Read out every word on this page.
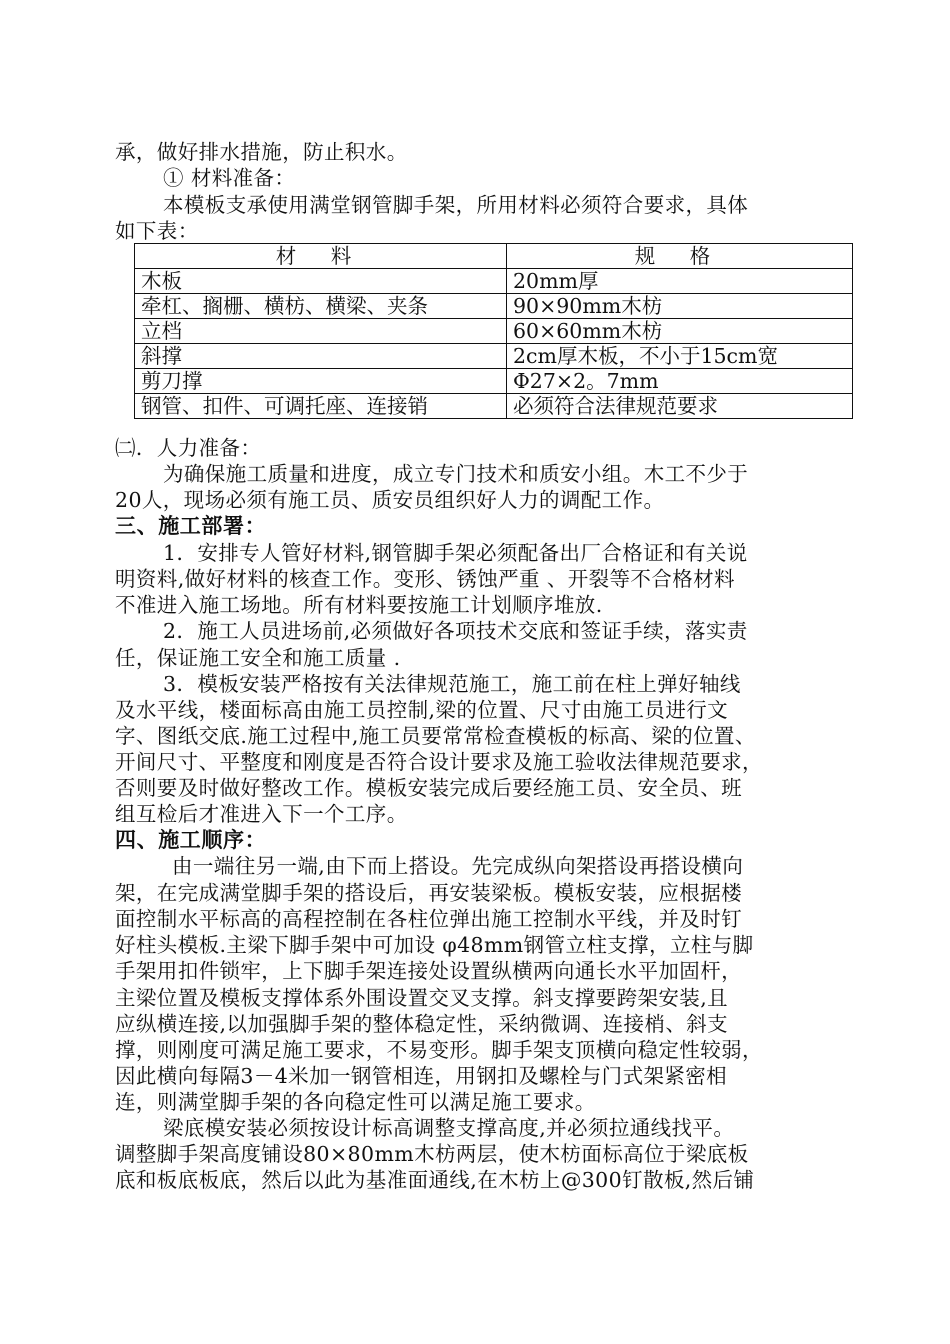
承，做好排水措施，防止积水。
① 材料准备：
本模板支承使用满堂钢管脚手架，所用材料必须符合要求，具体
如下表：
材 料	规 格
木板	20mm厚
牵杠、搁栅、横枋、横梁、夹条	90×90mm木枋
立档	60×60mm木枋
斜撑	2cm厚木板，不小于15cm宽
剪刀撑	Φ27×2。7mm
钢管、扣件、可调托座、连接销	必须符合法律规范要求
㈡．人力准备：
为确保施工质量和进度，成立专门技术和质安小组。木工不少于
20人，现场必须有施工员、质安员组织好人力的调配工作。
三、施工部署：
1．安排专人管好材料,钢管脚手架必须配备出厂合格证和有关说
明资料,做好材料的核查工作。变形、锈蚀严重 、开裂等不合格材料
不准进入施工场地。所有材料要按施工计划顺序堆放.
2．施工人员进场前,必须做好各项技术交底和签证手续，落实责
任，保证施工安全和施工质量 .
3．模板安装严格按有关法律规范施工，施工前在柱上弹好轴线
及水平线，楼面标高由施工员控制,梁的位置、尺寸由施工员进行文
字、图纸交底.施工过程中,施工员要常常检查模板的标高、梁的位置、
开间尺寸、平整度和刚度是否符合设计要求及施工验收法律规范要求，
否则要及时做好整改工作。模板安装完成后要经施工员、安全员、班
组互检后才准进入下一个工序。
四、施工顺序：
由一端往另一端,由下而上搭设。先完成纵向架搭设再搭设横向
架，在完成满堂脚手架的搭设后，再安装梁板。模板安装，应根据楼
面控制水平标高的高程控制在各柱位弹出施工控制水平线，并及时钉
好柱头模板.主梁下脚手架中可加设 φ48mm钢管立柱支撑，立柱与脚
手架用扣件锁牢，上下脚手架连接处设置纵横两向通长水平加固杆，
主梁位置及模板支撑体系外围设置交叉支撑。斜支撑要跨架安装,且
应纵横连接,以加强脚手架的整体稳定性，采纳微调、连接梢、斜支
撑，则刚度可满足施工要求，不易变形。脚手架支顶横向稳定性较弱，
因此横向每隔3－4米加一钢管相连，用钢扣及螺栓与门式架紧密相
连，则满堂脚手架的各向稳定性可以满足施工要求。
梁底模安装必须按设计标高调整支撑高度,并必须拉通线找平。
调整脚手架高度铺设80×80mm木枋两层，使木枋面标高位于梁底板
底和板底板底，然后以此为基准面通线,在木枋上@300钉散板,然后铺
